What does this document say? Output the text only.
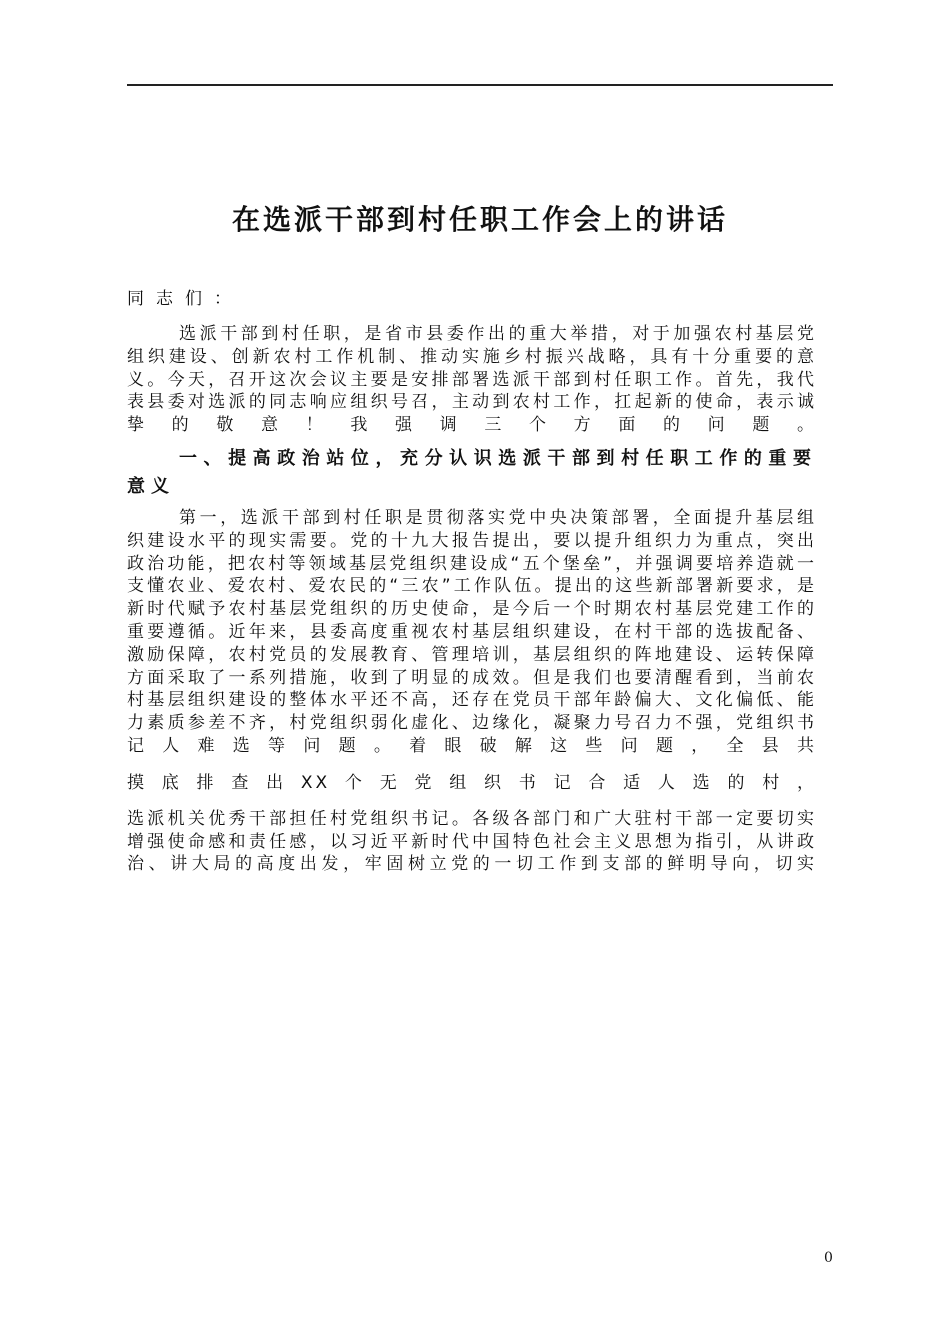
在选派干部到村任职工作会上的讲话

同志们：

选派干部到村任职，是省市县委作出的重大举措，对于加强农村基层党组织建设、创新农村工作机制、推动实施乡村振兴战略，具有十分重要的意义。今天，召开这次会议主要是安排部署选派干部到村任职工作。首先，我代表县委对选派的同志响应组织号召，主动到农村工作，扛起新的使命，表示诚挚的敬意！我强调三个方面的问题。

一、提高政治站位，充分认识选派干部到村任职工作的重要意义

第一，选派干部到村任职是贯彻落实党中央决策部署，全面提升基层组织建设水平的现实需要。党的十九大报告提出，要以提升组织力为重点，突出政治功能，把农村等领域基层党组织建设成“五个堡垒”，并强调要培养造就一支懂农业、爱农村、爱农民的“三农”工作队伍。提出的这些新部署新要求，是新时代赋予农村基层党组织的历史使命，是今后一个时期农村基层党建工作的重要遵循。近年来，县委高度重视农村基层组织建设，在村干部的选拔配备、激励保障，农村党员的发展教育、管理培训，基层组织的阵地建设、运转保障方面采取了一系列措施，收到了明显的成效。但是我们也要清醒看到，当前农村基层组织建设的整体水平还不高，还存在党员干部年龄偏大、文化偏低、能力素质参差不齐，村党组织弱化虚化、边缘化，凝聚力号召力不强，党组织书记人难选等问题。着眼破解这些问题，全县共

摸底排查出XX个无党组织书记合适人选的村，

选派机关优秀干部担任村党组织书记。各级各部门和广大驻村干部一定要切实增强使命感和责任感，以习近平新时代中国特色社会主义思想为指引，从讲政治、讲大局的高度出发，牢固树立党的一切工作到支部的鲜明导向，切实

0
